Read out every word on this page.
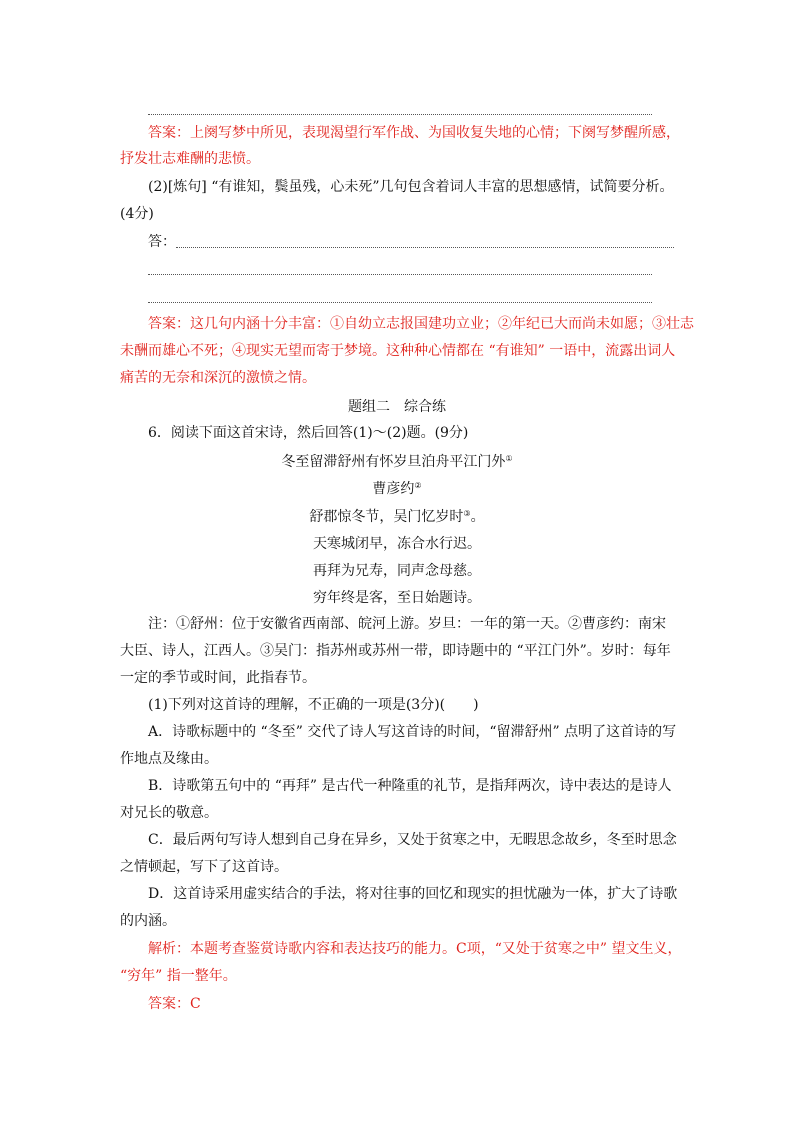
答案：上阕写梦中所见，表现渴望行军作战、为国收复失地的心情；下阕写梦醒所感，
抒发壮志难酬的悲愤。
(2)[炼句] “有谁知，鬓虽残，心未死”几句包含着词人丰富的思想感情，试简要分析。
(4分)
答：
答案：这几句内涵十分丰富：①自幼立志报国建功立业；②年纪已大而尚未如愿；③壮志
未酬而雄心不死；④现实无望而寄于梦境。这种种心情都在 “有谁知” 一语中，流露出词人
痛苦的无奈和深沉的激愤之情。
题组二　综合练
6．阅读下面这首宋诗，然后回答(1)～(2)题。(9分)
冬至留滞舒州有怀岁旦泊舟平江门外①
曹彦约②
舒郡惊冬节，吴门忆岁时③。
天寒城闭早，冻合水行迟。
再拜为兄寿，同声念母慈。
穷年终是客，至日始题诗。
注：①舒州：位于安徽省西南部、皖河上游。岁旦：一年的第一天。②曹彦约：南宋
大臣、诗人，江西人。③吴门：指苏州或苏州一带，即诗题中的 “平江门外”。岁时：每年
一定的季节或时间，此指春节。
(1)下列对这首诗的理解，不正确的一项是(3分)(　　)
A．诗歌标题中的 “冬至” 交代了诗人写这首诗的时间，“留滞舒州” 点明了这首诗的写
作地点及缘由。
B．诗歌第五句中的 “再拜” 是古代一种隆重的礼节，是指拜两次，诗中表达的是诗人
对兄长的敬意。
C．最后两句写诗人想到自己身在异乡，又处于贫寒之中，无暇思念故乡，冬至时思念
之情顿起，写下了这首诗。
D．这首诗采用虚实结合的手法，将对往事的回忆和现实的担忧融为一体，扩大了诗歌
的内涵。
解析：本题考查鉴赏诗歌内容和表达技巧的能力。C项，“又处于贫寒之中” 望文生义，
“穷年” 指一整年。
答案：C
